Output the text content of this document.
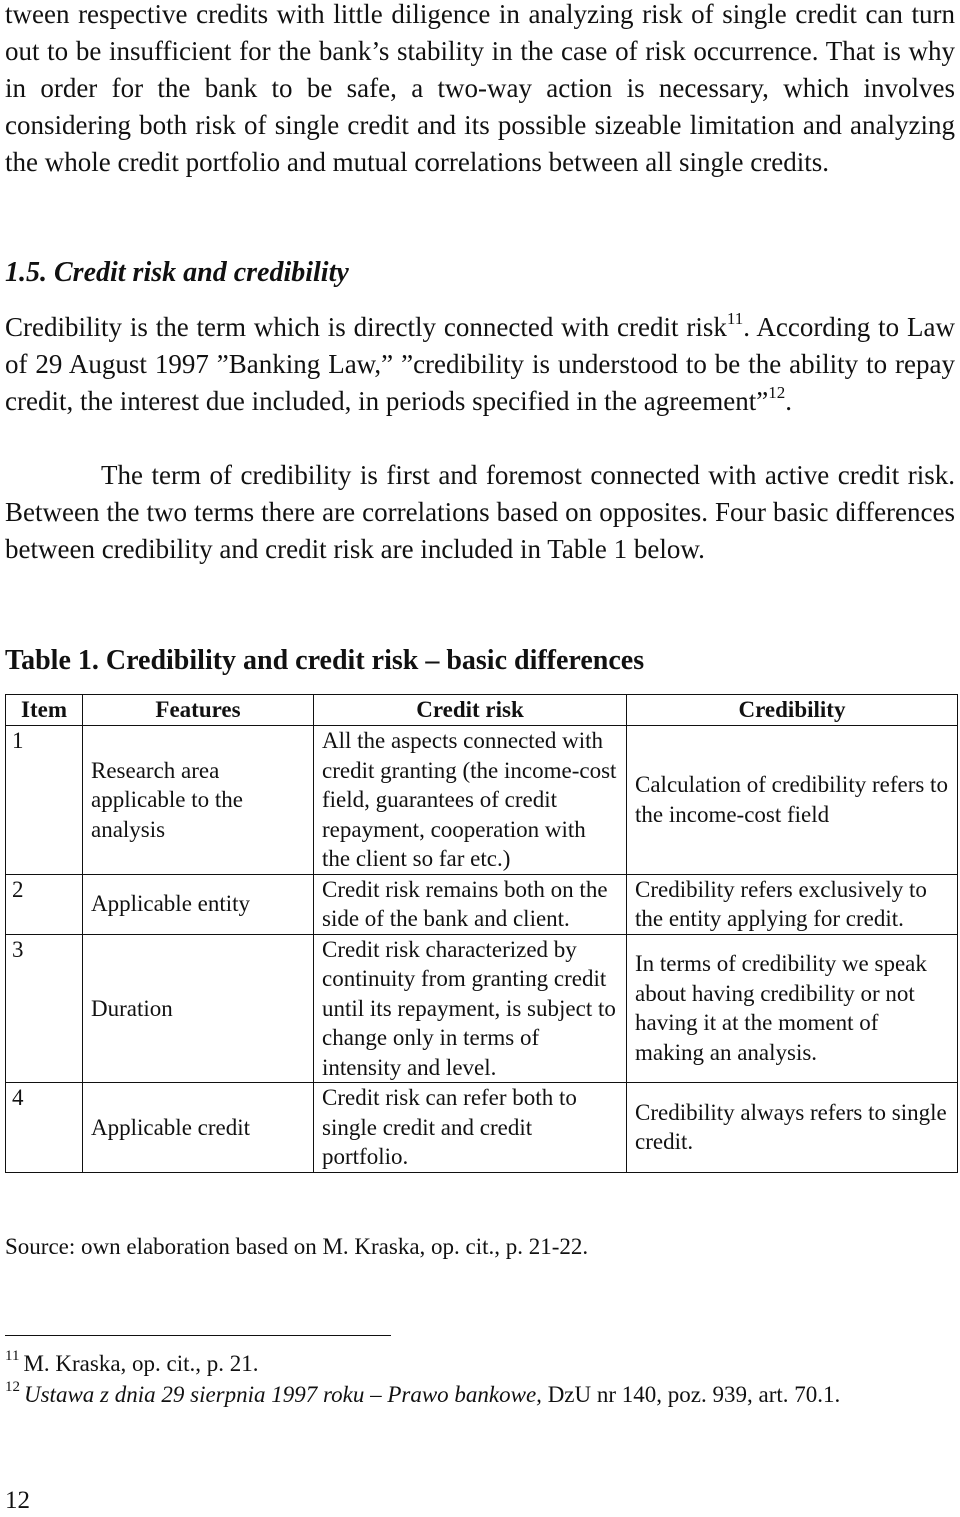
tween respective credits with little diligence in analyzing risk of single credit can turn out to be insufficient for the bank’s stability in the case of risk occurrence. That is why in order for the bank to be safe, a two-way action is necessary, which involves considering both risk of single credit and its possible sizeable limitation and analyzing the whole credit portfolio and mutual correlations between all single credits.

1.5. Credit risk and credibility

Credibility is the term which is directly connected with credit risk$^{11}$. According to Law of 29 August 1997 ”Banking Law,” ”credibility is understood to be the ability to repay credit, the interest due included, in periods specified in the agreement”$^{12}$.

The term of credibility is first and foremost connected with active credit risk. Between the two terms there are correlations based on opposites. Four basic differences between credibility and credit risk are included in Table 1 below.

Table 1. Credibility and credit risk – basic differences
Item	Features	Credit risk	Credibility
1	Research area applicable to the analysis	All the aspects connected with credit granting (the income-cost field, guarantees of credit repayment, cooperation with the client so far etc.)	Calculation of credibility refers to the income-cost field
2	Applicable entity	Credit risk remains both on the side of the bank and client.	Credibility refers exclusively to the entity applying for credit.
3	Duration	Credit risk characterized by continuity from granting credit until its repayment, is subject to change only in terms of intensity and level.	In terms of credibility we speak about having credibility or not having it at the moment of making an analysis.
4	Applicable credit	Credit risk can refer both to single credit and credit portfolio.	Credibility always refers to single credit.

Source: own elaboration based on M. Kraska, op. cit., p. 21-22.

$^{11}$ M. Kraska, op. cit., p. 21.

$^{12}$ Ustawa z dnia 29 sierpnia 1997 roku – Prawo bankowe, DzU nr 140, poz. 939, art. 70.1.

12
